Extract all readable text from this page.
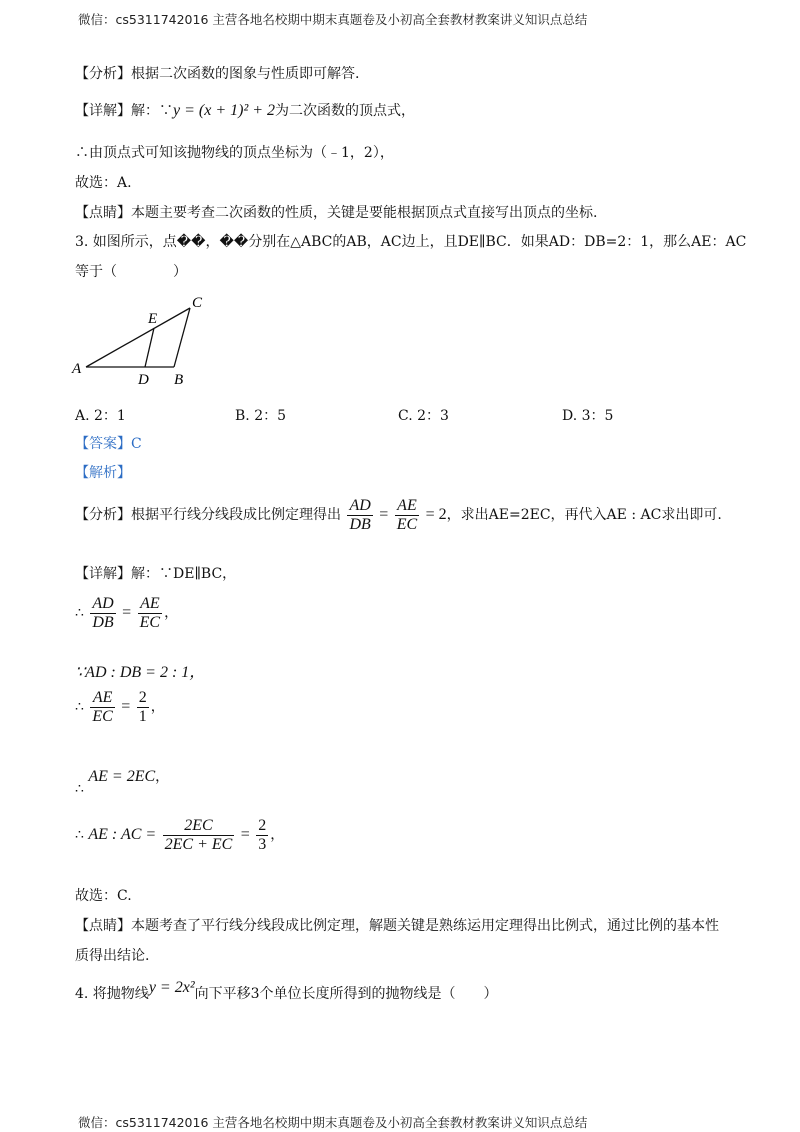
微信：cs5311742016 主营各地名校期中期末真题卷及小初高全套教材教案讲义知识点总结
【分析】根据二次函数的图象与性质即可解答.
【详解】解：∵y = (x + 1)² + 2为二次函数的顶点式，
∴由顶点式可知该抛物线的顶点坐标为（﹣1，2），
故选：A.
【点睛】本题主要考查二次函数的性质，关键是要能根据顶点式直接写出顶点的坐标.
3. 如图所示，点��，��分别在△ABC的AB，AC边上，且DE∥BC．如果AD：DB=2：1，那么AE：AC
等于（　　　　）
A
D B
E
C
A. 2：1	B. 2：5	C. 2：3	D. 3：5
【答案】C
【解析】
【分析】根据平行线分线段成比例定理得出 $\frac{AD}{DB} = \frac{AE}{EC} = 2$，求出AE=2EC，再代入AE : AC求出即可.
【详解】解：∵DE∥BC，
∴ $\frac{AD}{DB} = \frac{AE}{EC}$ ，
∵AD : DB = 2 : 1，
∴ $\frac{AE}{EC} = \frac{2}{1}$ ，
∴ AE = 2EC，
∴ AE : AC = $\frac{2EC}{2EC + EC} = \frac{2}{3}$ ，
故选：C.
【点睛】本题考查了平行线分线段成比例定理，解题关键是熟练运用定理得出比例式，通过比例的基本性
质得出结论.
4. 将抛物线y = 2x²向下平移3个单位长度所得到的抛物线是（　　）
微信：cs5311742016 主营各地名校期中期末真题卷及小初高全套教材教案讲义知识点总结
